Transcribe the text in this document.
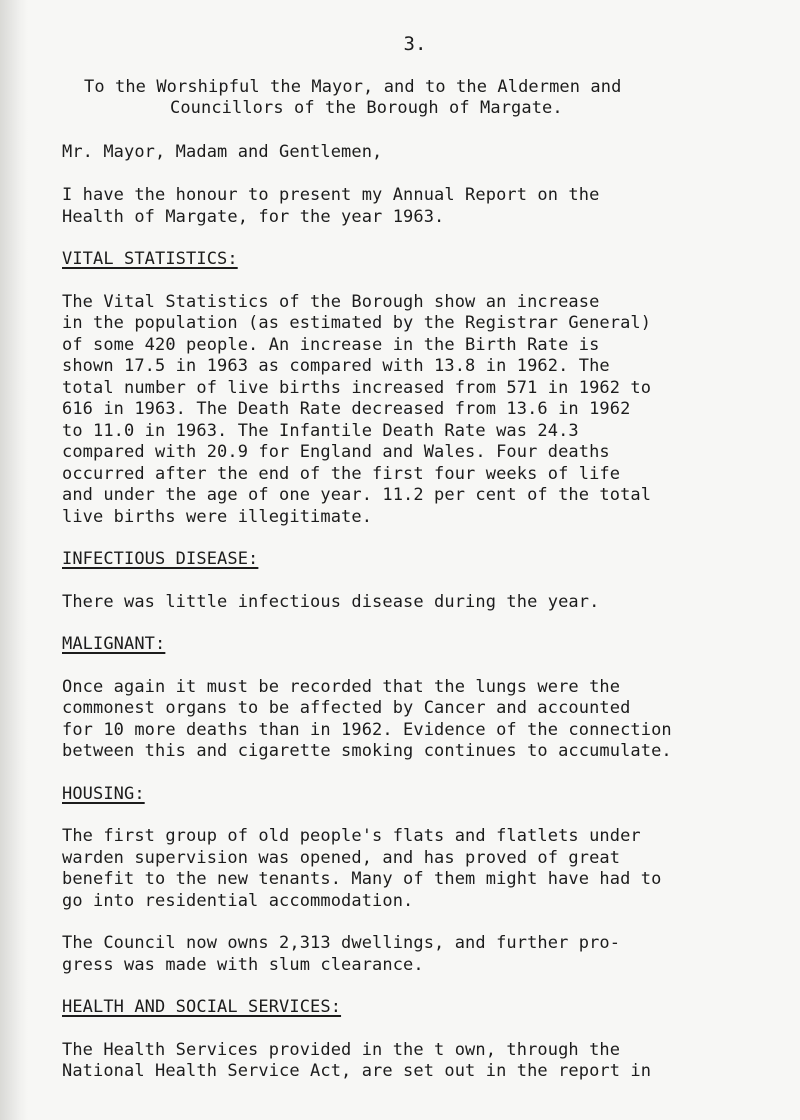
3.

To the Worshipful the Mayor, and to the Aldermen and
Councillors of the Borough of Margate.

Mr. Mayor, Madam and Gentlemen,

I have the honour to present my Annual Report on the
Health of Margate, for the year 1963.
VITAL STATISTICS:
The Vital Statistics of the Borough show an increase
in the population (as estimated by the Registrar General)
of some 420 people. An increase in the Birth Rate is
shown 17.5 in 1963 as compared with 13.8 in 1962. The
total number of live births increased from 571 in 1962 to
616 in 1963. The Death Rate decreased from 13.6 in 1962
to 11.0 in 1963. The Infantile Death Rate was 24.3
compared with 20.9 for England and Wales. Four deaths
occurred after the end of the first four weeks of life
and under the age of one year. 11.2 per cent of the total
live births were illegitimate.
INFECTIOUS DISEASE:
There was little infectious disease during the year.
MALIGNANT:
Once again it must be recorded that the lungs were the
commonest organs to be affected by Cancer and accounted
for 10 more deaths than in 1962. Evidence of the connection
between this and cigarette smoking continues to accumulate.
HOUSING:
The first group of old people's flats and flatlets under
warden supervision was opened, and has proved of great
benefit to the new tenants. Many of them might have had to
go into residential accommodation.
The Council now owns 2,313 dwellings, and further pro-
gress was made with slum clearance.
HEALTH AND SOCIAL SERVICES:
The Health Services provided in the t own, through the
National Health Service Act, are set out in the report in
